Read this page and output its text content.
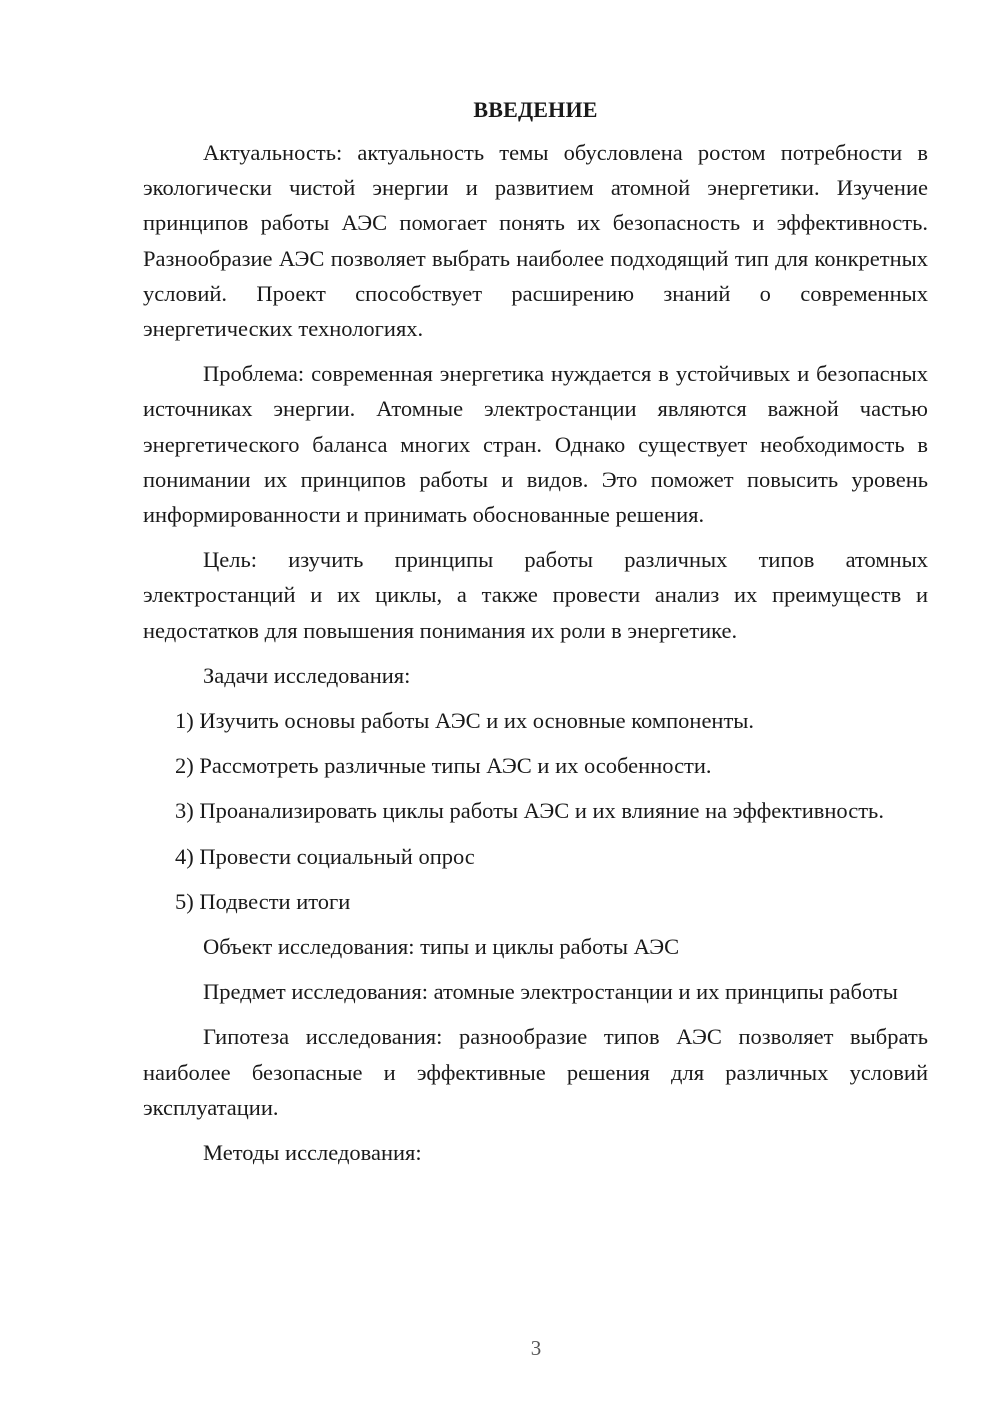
ВВЕДЕНИЕ

Актуальность: актуальность темы обусловлена ростом потребности в экологически чистой энергии и развитием атомной энергетики. Изучение принципов работы АЭС помогает понять их безопасность и эффективность. Разнообразие АЭС позволяет выбрать наиболее подходящий тип для конкретных условий. Проект способствует расширению знаний о современных энергетических технологиях.

Проблема: современная энергетика нуждается в устойчивых и безопасных источниках энергии. Атомные электростанции являются важной частью энергетического баланса многих стран. Однако существует необходимость в понимании их принципов работы и видов. Это поможет повысить уровень информированности и принимать обоснованные решения.

Цель: изучить принципы работы различных типов атомных электростанций и их циклы, а также провести анализ их преимуществ и недостатков для повышения понимания их роли в энергетике.

Задачи исследования:

1) Изучить основы работы АЭС и их основные компоненты.

2) Рассмотреть различные типы АЭС и их особенности.

3) Проанализировать циклы работы АЭС и их влияние на эффективность.

4) Провести социальный опрос

5) Подвести итоги

Объект исследования: типы и циклы работы АЭС

Предмет исследования: атомные электростанции и их принципы работы

Гипотеза исследования: разнообразие типов АЭС позволяет выбрать наиболее безопасные и эффективные решения для различных условий эксплуатации.

Методы исследования:

3
